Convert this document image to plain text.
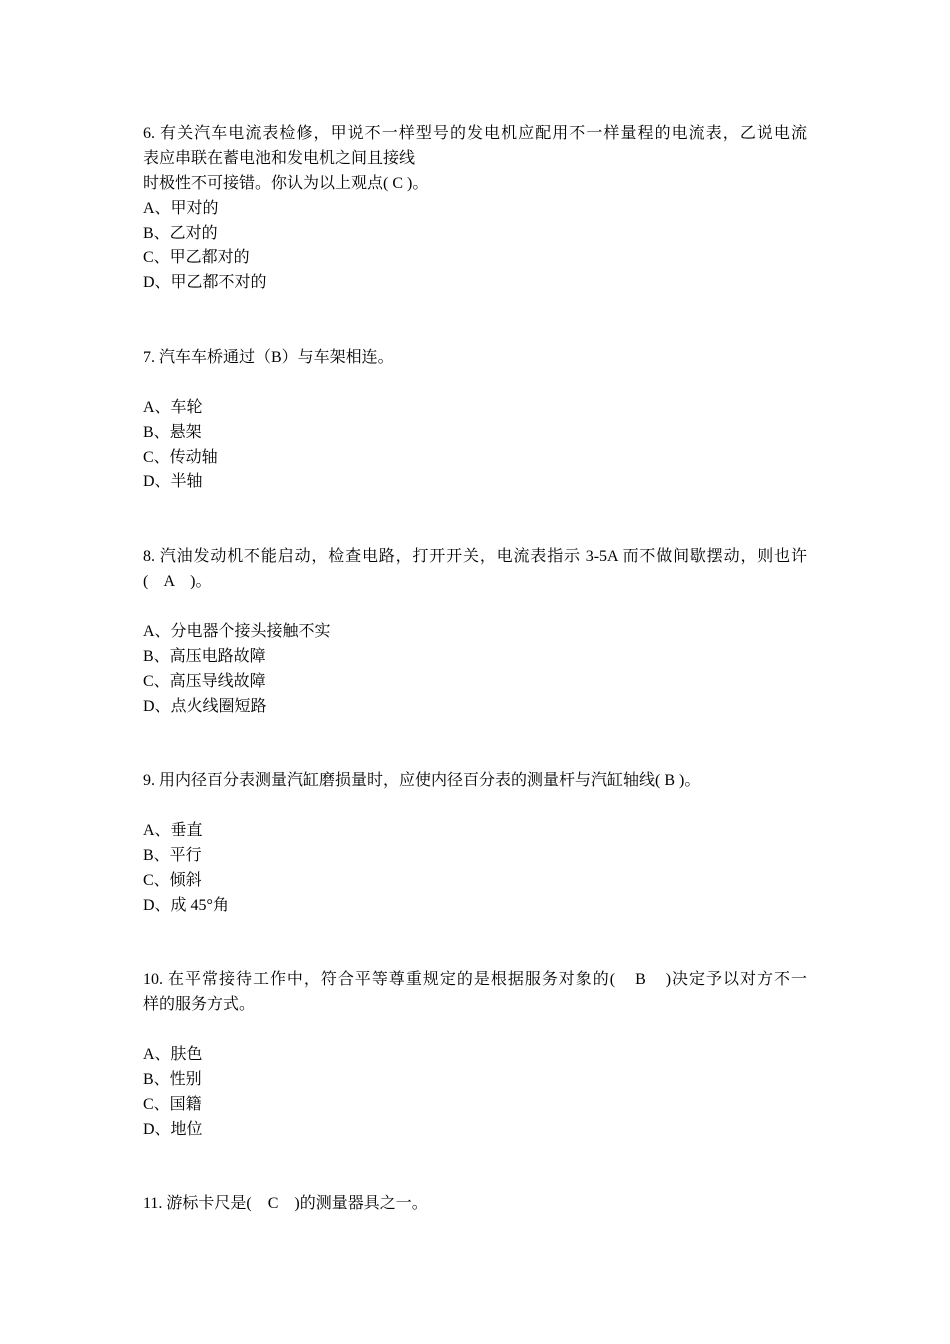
6. 有关汽车电流表检修，甲说不一样型号的发电机应配用不一样量程的电流表，乙说电流
表应串联在蓄电池和发电机之间且接线
时极性不可接错。你认为以上观点( C )。
A、甲对的
B、乙对的
C、甲乙都对的
D、甲乙都不对的
7. 汽车车桥通过（B）与车架相连。
A、车轮
B、悬架
C、传动轴
D、半轴
8. 汽油发动机不能启动，检查电路，打开开关，电流表指示 3-5A 而不做间歇摆动，则也许
(    A    )。
A、分电器个接头接触不实
B、高压电路故障
C、高压导线故障
D、点火线圈短路
9. 用内径百分表测量汽缸磨损量时，应使内径百分表的测量杆与汽缸轴线( B )。
A、垂直
B、平行
C、倾斜
D、成 45°角
10. 在平常接待工作中，符合平等尊重规定的是根据服务对象的(    B    )决定予以对方不一
样的服务方式。
A、肤色
B、性别
C、国籍
D、地位
11. 游标卡尺是(    C    )的测量器具之一。
